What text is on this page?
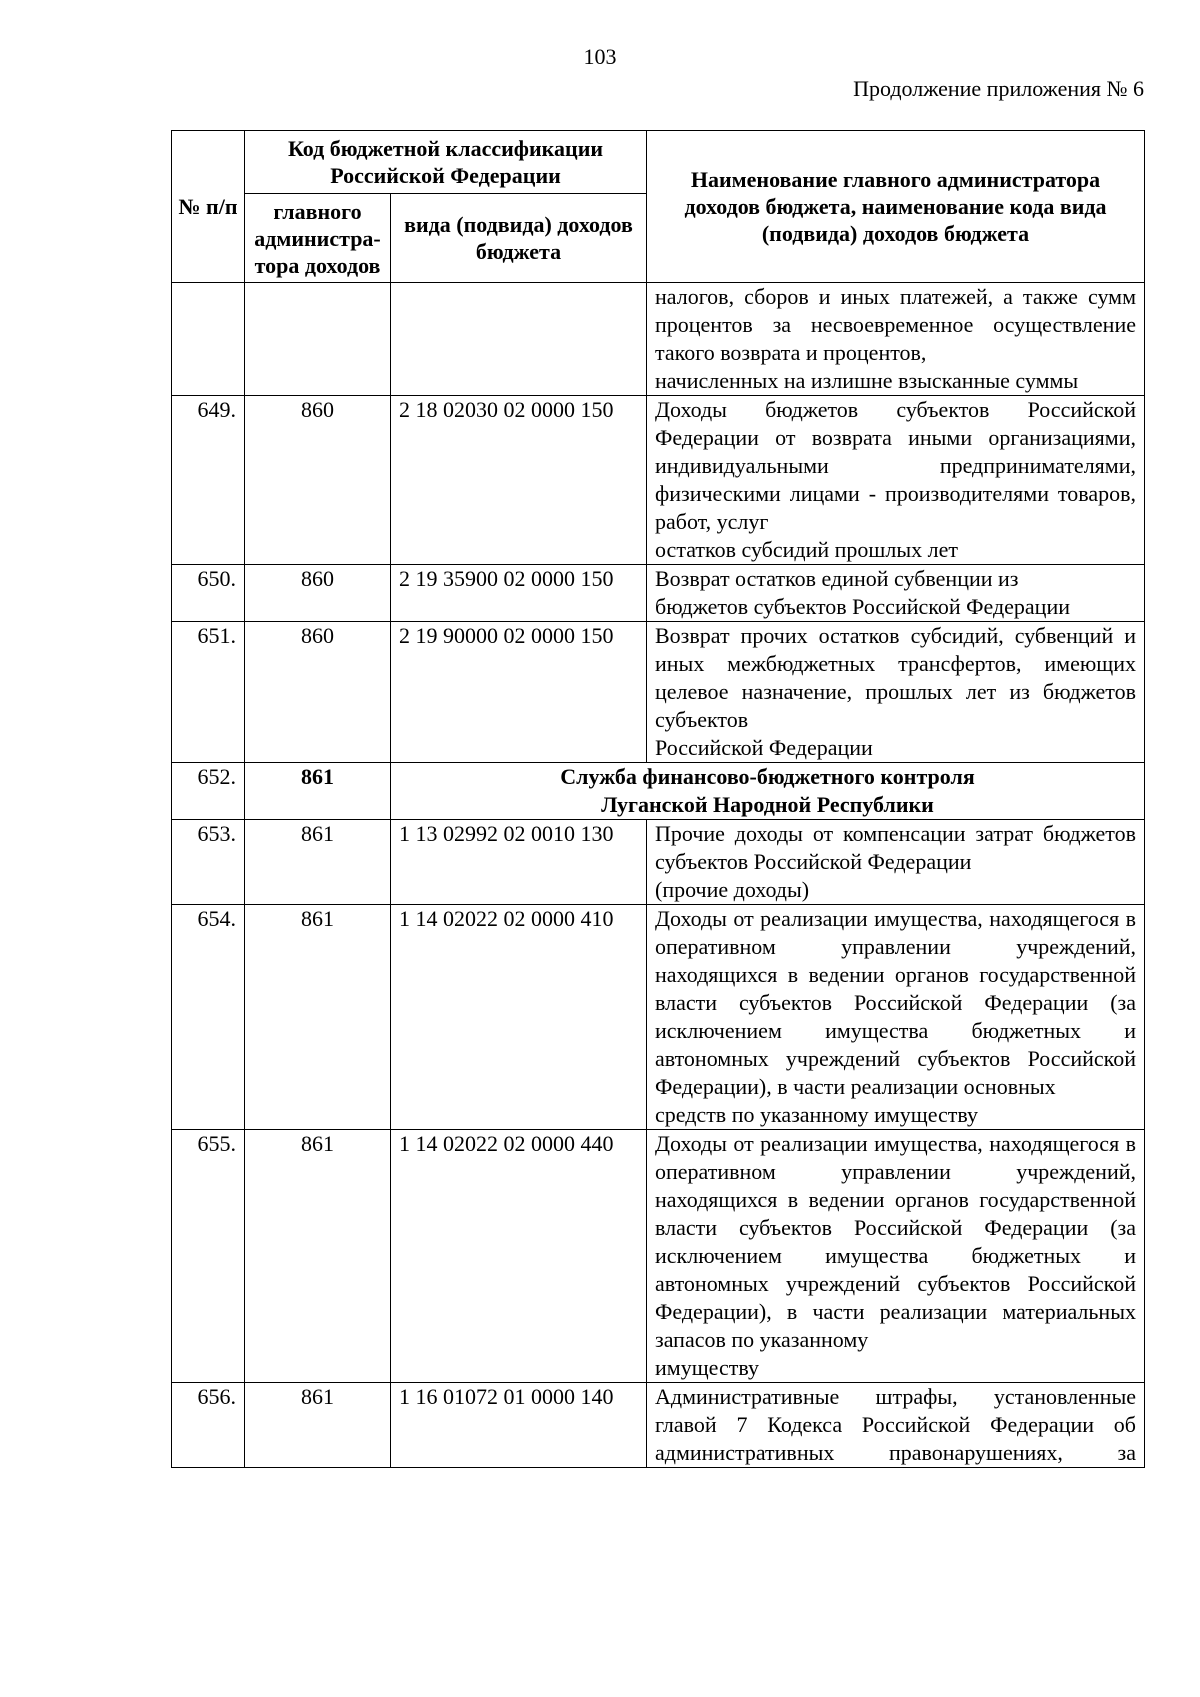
103
Продолжение приложения № 6
№ п/п	Код бюджетной классификации Российской Федерации		Наименование главного администратора доходов бюджета, наименование кода вида (подвида) доходов бюджета
	главного администра-тора доходов	вида (подвида) доходов бюджета	
			налогов, сборов и иных платежей, а также сумм процентов за несвоевременное осуществление такого возврата и процентов,
начисленных на излишне взысканные суммы

649.	860	2 18 02030 02 0000 150	Доходы бюджетов субъектов Российской Федерации от возврата иными организациями, индивидуальными предпринимателями, физическими лицами - производителями товаров, работ, услуг
остатков субсидий прошлых лет

650.	860	2 19 35900 02 0000 150	Возврат остатков единой субвенции из
бюджетов субъектов Российской Федерации

651.	860	2 19 90000 02 0000 150	Возврат прочих остатков субсидий, субвенций и иных межбюджетных трансфертов, имеющих целевое назначение, прошлых лет из бюджетов субъектов
Российской Федерации

652.	861	Служба финансово-бюджетного контроля
Луганской Народной Республики	
653.	861	1 13 02992 02 0010 130	Прочие доходы от компенсации затрат бюджетов субъектов Российской Федерации
(прочие доходы)

654.	861	1 14 02022 02 0000 410	Доходы от реализации имущества, находящегося в оперативном управлении учреждений, находящихся в ведении органов государственной власти субъектов Российской Федерации (за исключением имущества бюджетных и автономных учреждений субъектов Российской Федерации), в части реализации основных
средств по указанному имуществу

655.	861	1 14 02022 02 0000 440	Доходы от реализации имущества, находящегося в оперативном управлении учреждений, находящихся в ведении органов государственной власти субъектов Российской Федерации (за исключением имущества бюджетных и автономных учреждений субъектов Российской Федерации), в части реализации материальных запасов по указанному
имуществу

656.	861	1 16 01072 01 0000 140	Административные штрафы, установленные главой 7 Кодекса Российской Федерации об административных правонарушениях, за
